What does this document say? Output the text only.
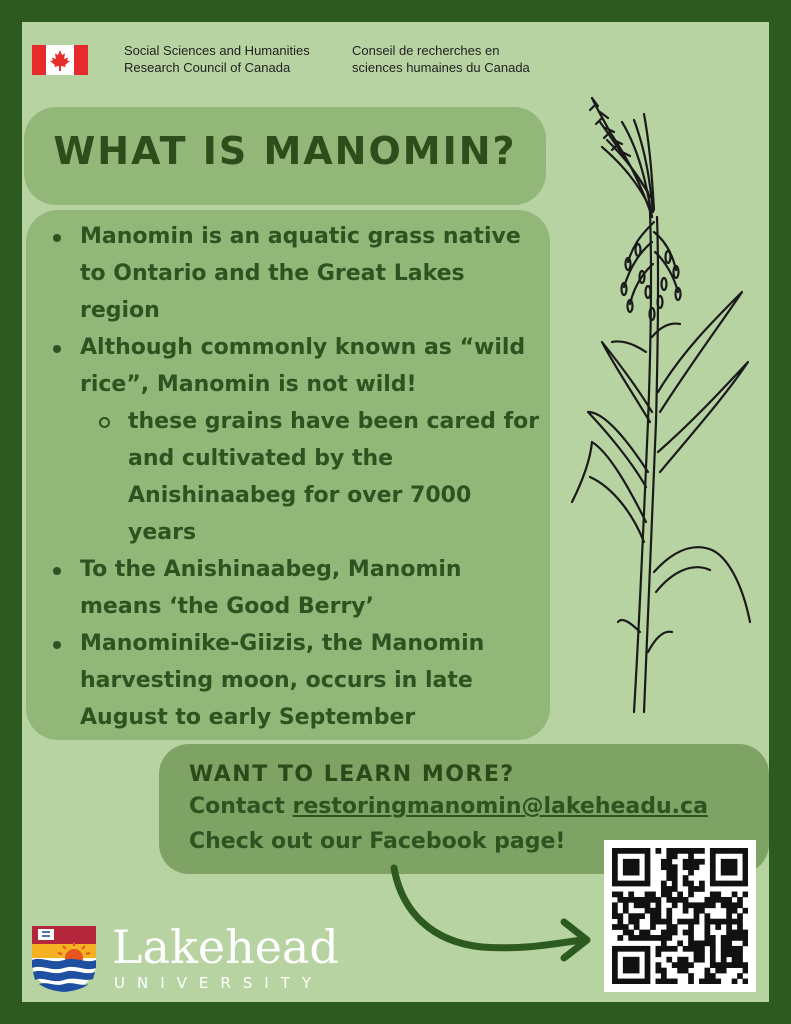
Social Sciences and Humanities
Research Council of Canada
Conseil de recherches en
sciences humaines du Canada
WHAT IS MANOMIN?
Manomin is an aquatic grass native
to Ontario and the Great Lakes
region
Although commonly known as “wild
rice”, Manomin is not wild!
these grains have been cared for
and cultivated by the
Anishinaabeg for over 7000
years
To the Anishinaabeg, Manomin
means ‘the Good Berry’
Manominike-Giizis, the Manomin
harvesting moon, occurs in late
August to early September
WANT TO LEARN MORE?
Contact restoringmanomin@lakeheadu.ca
Check out our Facebook page!
Lakehead
UNIVERSITY
